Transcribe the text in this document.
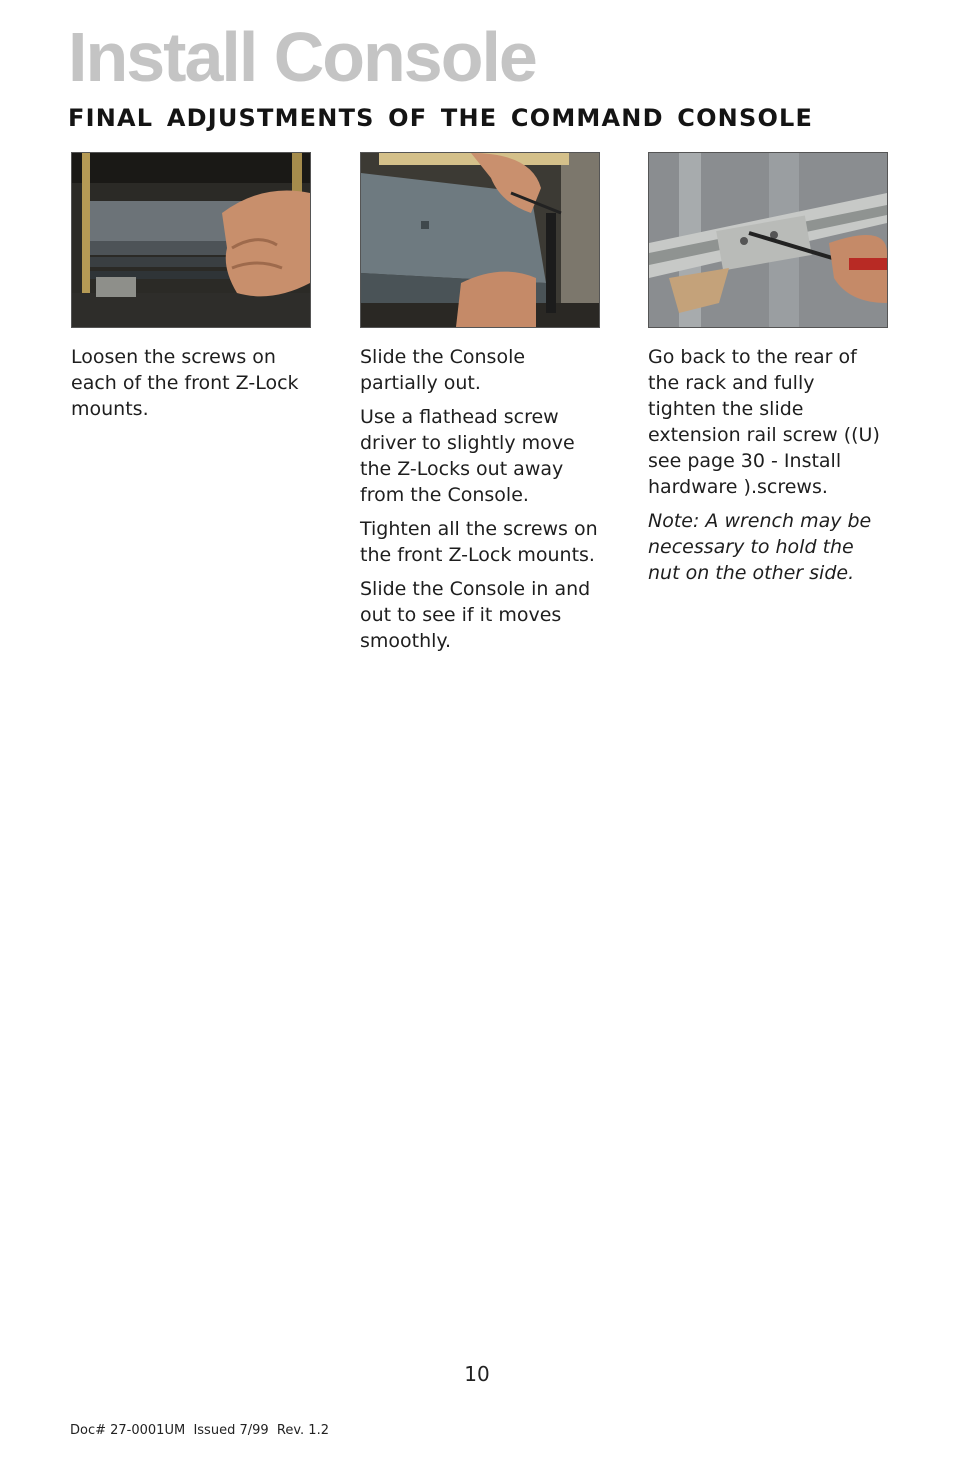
Install Console
FINAL ADJUSTMENTS OF THE COMMAND CONSOLE

Loosen the screws on each of the front Z-Lock mounts.

Slide the Console partially out.

Use a flathead screw driver to slightly move the Z-Locks out away from the Console.

Tighten all the screws on the front Z-Lock mounts.

Slide the Console in and out to see if it moves smoothly.

Go back to the rear of the rack and fully tighten the slide extension rail screw ((U) see page 30 - Install hardware ).screws.

Note: A wrench may be necessary to hold the nut on the other side.

10
Doc# 27-0001UM  Issued 7/99  Rev. 1.2
